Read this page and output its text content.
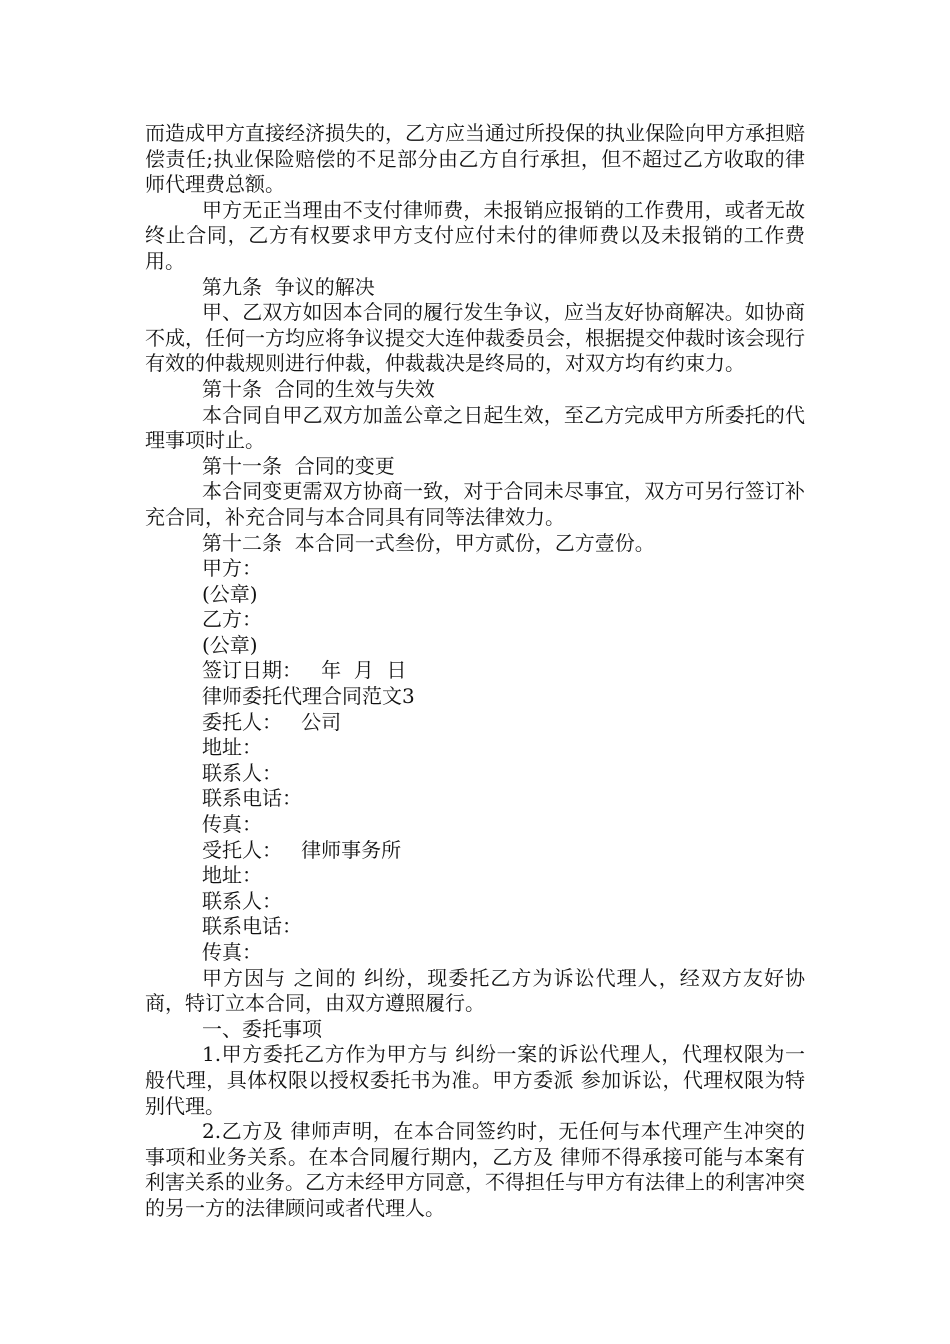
而造成甲方直接经济损失的，乙方应当通过所投保的执业保险向甲方承担赔偿责任;执业保险赔偿的不足部分由乙方自行承担，但不超过乙方收取的律师代理费总额。
甲方无正当理由不支付律师费，未报销应报销的工作费用，或者无故终止合同，乙方有权要求甲方支付应付未付的律师费以及未报销的工作费用。
第九条  争议的解决
甲、乙双方如因本合同的履行发生争议，应当友好协商解决。如协商不成，任何一方均应将争议提交大连仲裁委员会，根据提交仲裁时该会现行有效的仲裁规则进行仲裁，仲裁裁决是终局的，对双方均有约束力。
第十条  合同的生效与失效
本合同自甲乙双方加盖公章之日起生效，至乙方完成甲方所委托的代理事项时止。
第十一条  合同的变更
本合同变更需双方协商一致，对于合同未尽事宜，双方可另行签订补充合同，补充合同与本合同具有同等法律效力。
第十二条  本合同一式叁份，甲方贰份，乙方壹份。
甲方：
(公章)
乙方：
(公章)
签订日期：   年  月  日
律师委托代理合同范文3
委托人：   公司
地址：
联系人：
联系电话：
传真：
受托人：   律师事务所
地址：
联系人：
联系电话：
传真：
甲方因与 之间的 纠纷，现委托乙方为诉讼代理人，经双方友好协商，特订立本合同，由双方遵照履行。
一、委托事项
1.甲方委托乙方作为甲方与 纠纷一案的诉讼代理人，代理权限为一般代理，具体权限以授权委托书为准。甲方委派 参加诉讼，代理权限为特别代理。
2.乙方及 律师声明，在本合同签约时，无任何与本代理产生冲突的事项和业务关系。在本合同履行期内，乙方及 律师不得承接可能与本案有利害关系的业务。乙方未经甲方同意，不得担任与甲方有法律上的利害冲突的另一方的法律顾问或者代理人。
